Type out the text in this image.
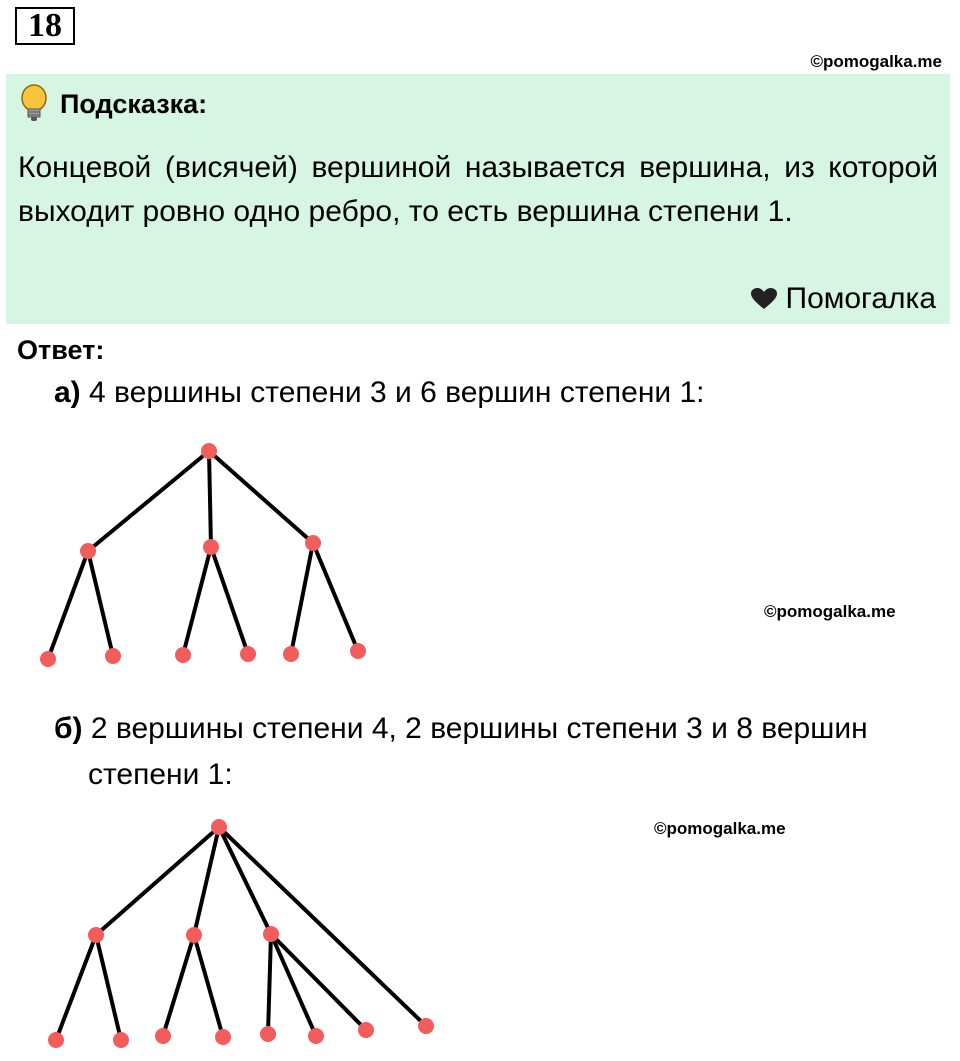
18
©pomogalka.me
Подсказка:
Концевой (висячей) вершиной называется вершина, из которой выходит ровно одно ребро, то есть вершина степени 1.
Помогалка
Ответ:
а) 4 вершины степени 3 и 6 вершин степени 1:
©pomogalka.me
б) 2 вершины степени 4, 2 вершины степени 3 и 8 вершин
степени 1:
©pomogalka.me
